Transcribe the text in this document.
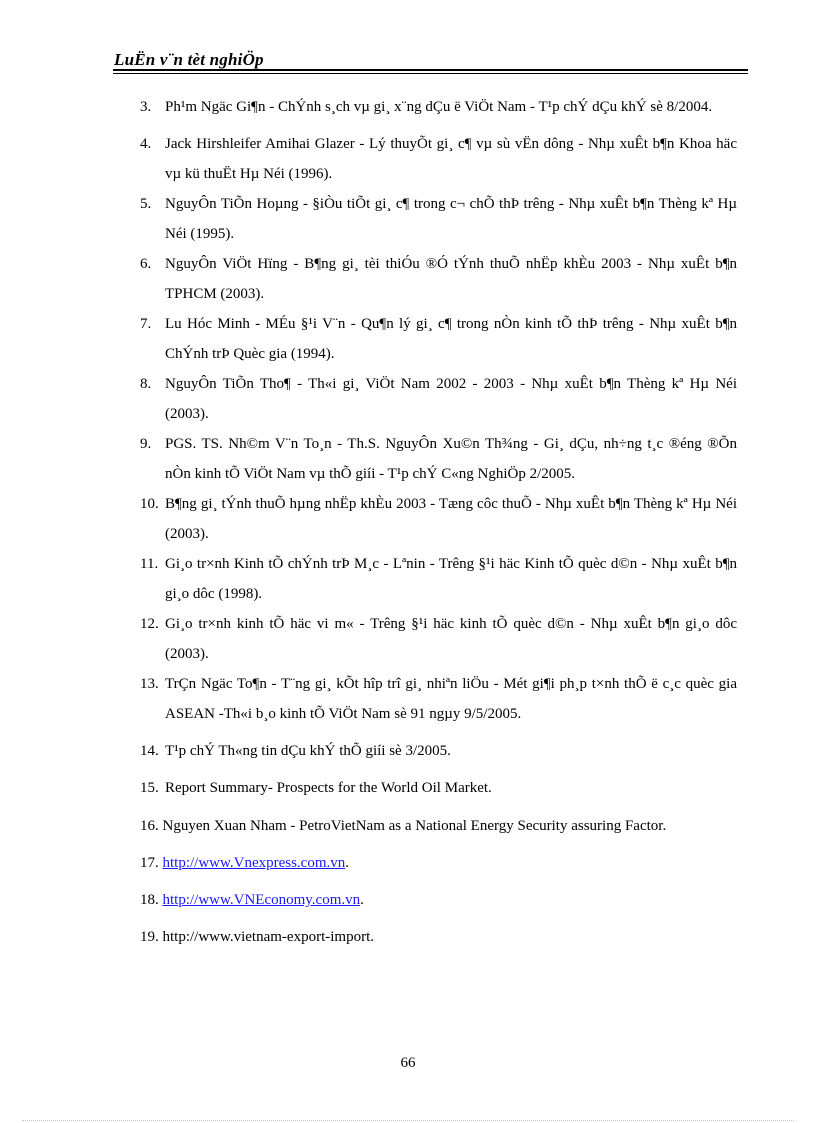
LuËn v¨n tèt nghiÖp
3. Ph¹m Ngäc Gi¶n - ChÝnh s¸ch vµ gi¸ x¨ng dÇu ë ViÖt Nam - T¹p chÝ dÇu khÝ sè 8/2004.
4. Jack Hirshleifer Amihai Glazer - Lý thuyÕt gi¸ c¶ vµ sù vËn dông - Nhµ xuÊt b¶n Khoa häc vµ kü thuËt Hµ Néi (1996).
5. NguyÔn TiÕn Hoµng - §iÒu tiÕt gi¸ c¶ trong c¬ chÕ thÞ trêng - Nhµ xuÊt b¶n Thèng kª Hµ Néi (1995).
6. NguyÔn ViÖt Hïng - B¶ng gi¸ tèi thiÓu ®Ó tÝnh thuÕ nhËp khÈu 2003 - Nhµ xuÊt b¶n TPHCM (2003).
7. Lu Hóc Minh - MÉu §¹i V¨n - Qu¶n lý gi¸ c¶ trong nÒn kinh tÕ thÞ trêng - Nhµ xuÊt b¶n ChÝnh trÞ Quèc gia (1994).
8. NguyÔn TiÕn Tho¶ - Th«i gi¸ ViÖt Nam 2002 - 2003 - Nhµ xuÊt b¶n Thèng kª Hµ Néi (2003).
9. PGS. TS. Nh©m V¨n To¸n - Th.S. NguyÔn Xu©n Th¾ng - Gi¸ dÇu, nh÷ng t¸c ®éng ®Õn nÒn kinh tÕ ViÖt Nam vµ thÕ giíi - T¹p chÝ C«ng NghiÖp 2/2005.
10. B¶ng gi¸ tÝnh thuÕ hµng nhËp khÈu 2003 - Tæng côc thuÕ - Nhµ xuÊt b¶n Thèng kª Hµ Néi (2003).
11. Gi¸o tr×nh Kinh tÕ chÝnh trÞ M¸c - Lªnin - Trêng §¹i häc Kinh tÕ quèc d©n - Nhµ xuÊt b¶n gi¸o dôc (1998).
12. Gi¸o tr×nh kinh tÕ häc vi m« - Trêng §¹i häc kinh tÕ quèc d©n - Nhµ xuÊt b¶n gi¸o dôc (2003).
13. TrÇn Ngäc To¶n - T¨ng gi¸ kÕt hîp trî gi¸ nhiªn liÖu - Mét gi¶i ph¸p t×nh thÕ ë c¸c quèc gia ASEAN -Th«i b¸o kinh tÕ ViÖt Nam sè 91 ngµy 9/5/2005.
14. T¹p chÝ Th«ng tin dÇu khÝ thÕ giíi sè 3/2005.
15. Report Summary- Prospects for the World Oil Market.
16. Nguyen Xuan Nham - PetroVietNam as a National Energy Security assuring Factor.
17. http://www.Vnexpress.com.vn.
18. http://www.VNEconomy.com.vn.
19. http://www.vietnam-export-import.
66
